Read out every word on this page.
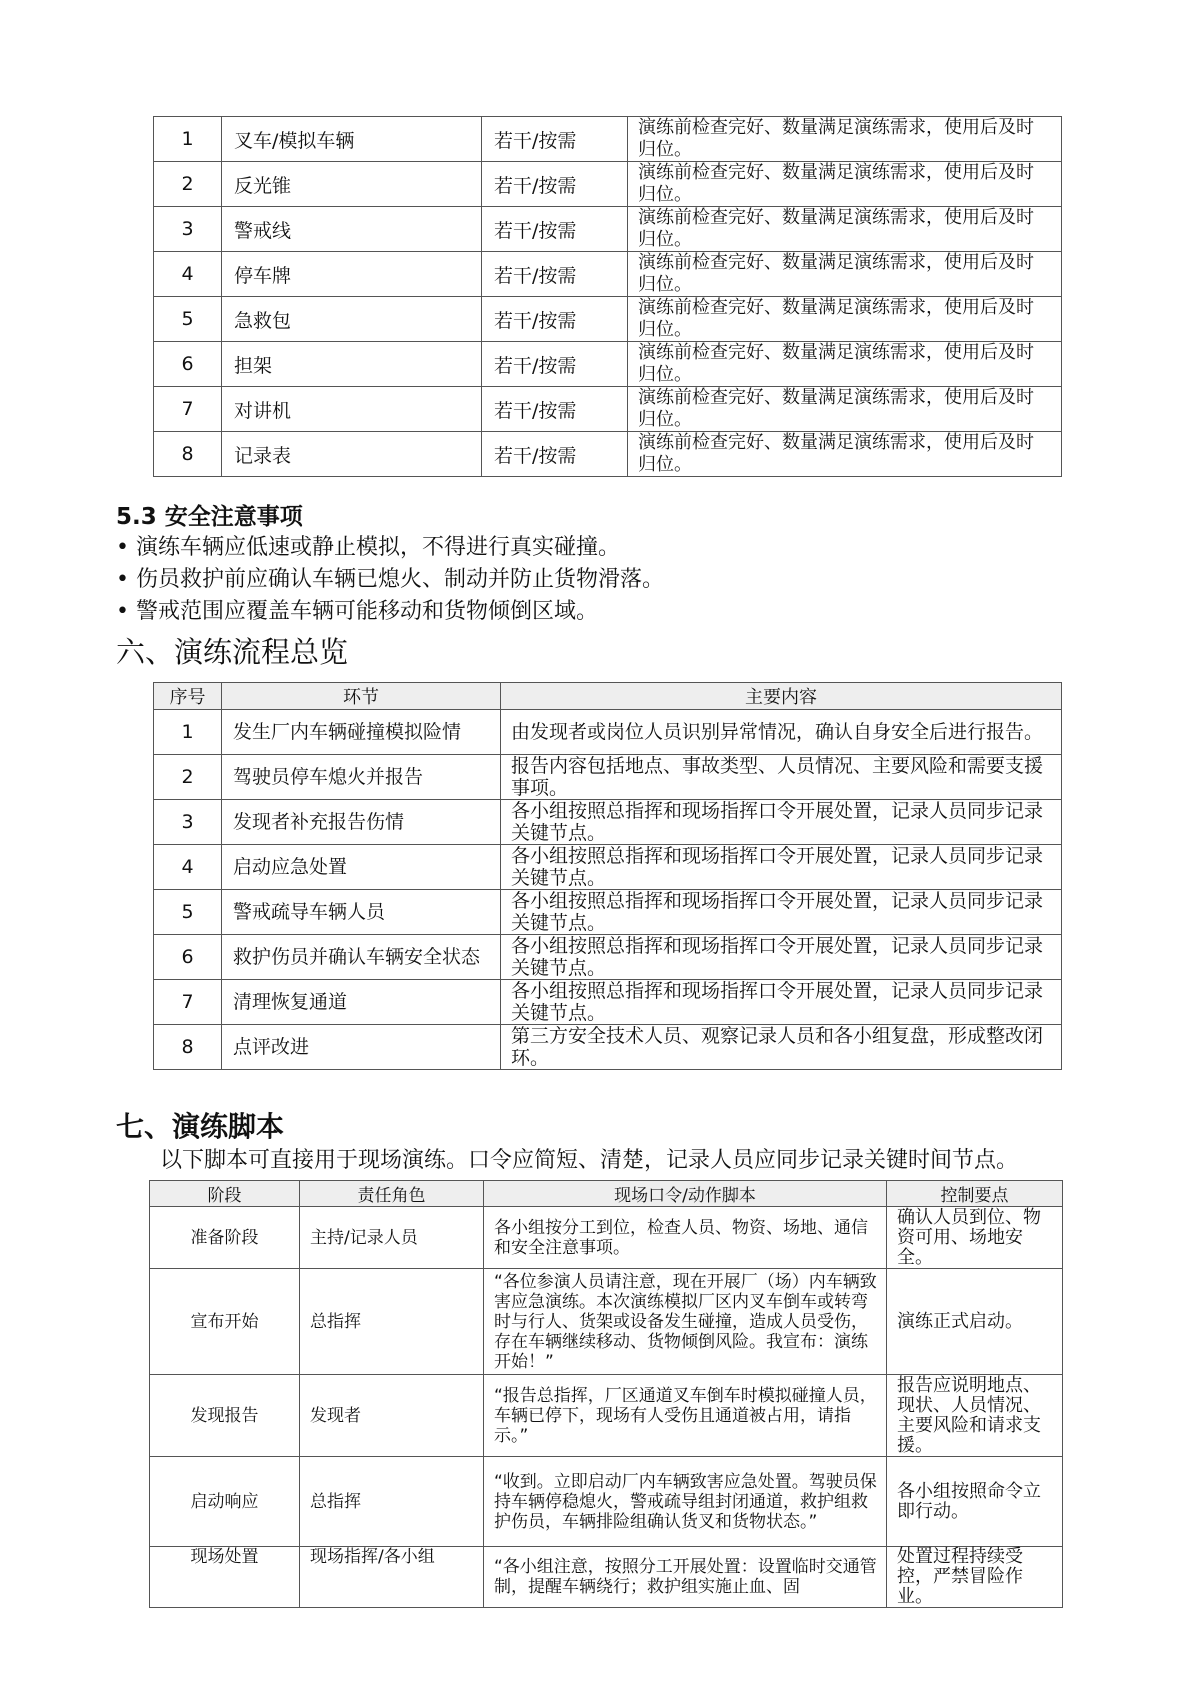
1	叉车/模拟车辆	若干/按需	演练前检查完好、数量满足演练需求，使用后及时归位。
2	反光锥	若干/按需	演练前检查完好、数量满足演练需求，使用后及时归位。
3	警戒线	若干/按需	演练前检查完好、数量满足演练需求，使用后及时归位。
4	停车牌	若干/按需	演练前检查完好、数量满足演练需求，使用后及时归位。
5	急救包	若干/按需	演练前检查完好、数量满足演练需求，使用后及时归位。
6	担架	若干/按需	演练前检查完好、数量满足演练需求，使用后及时归位。
7	对讲机	若干/按需	演练前检查完好、数量满足演练需求，使用后及时归位。
8	记录表	若干/按需	演练前检查完好、数量满足演练需求，使用后及时归位。
5.3 安全注意事项
• 演练车辆应低速或静止模拟，不得进行真实碰撞。
• 伤员救护前应确认车辆已熄火、制动并防止货物滑落。
• 警戒范围应覆盖车辆可能移动和货物倾倒区域。
六、演练流程总览
序号	环节	主要内容
1	发生厂内车辆碰撞模拟险情	由发现者或岗位人员识别异常情况，确认自身安全后进行报告。
2	驾驶员停车熄火并报告	报告内容包括地点、事故类型、人员情况、主要风险和需要支援事项。
3	发现者补充报告伤情	各小组按照总指挥和现场指挥口令开展处置，记录人员同步记录关键节点。
4	启动应急处置	各小组按照总指挥和现场指挥口令开展处置，记录人员同步记录关键节点。
5	警戒疏导车辆人员	各小组按照总指挥和现场指挥口令开展处置，记录人员同步记录关键节点。
6	救护伤员并确认车辆安全状态	各小组按照总指挥和现场指挥口令开展处置，记录人员同步记录关键节点。
7	清理恢复通道	各小组按照总指挥和现场指挥口令开展处置，记录人员同步记录关键节点。
8	点评改进	第三方安全技术人员、观察记录人员和各小组复盘，形成整改闭环。
七、演练脚本
以下脚本可直接用于现场演练。口令应简短、清楚，记录人员应同步记录关键时间节点。
阶段	责任角色	现场口令/动作脚本	控制要点
准备阶段	主持/记录人员	各小组按分工到位，检查人员、物资、场地、通信和安全注意事项。	确认人员到位、物资可用、场地安全。
宣布开始	总指挥	“各位参演人员请注意，现在开展厂（场）内车辆致害应急演练。本次演练模拟厂区内叉车倒车或转弯时与行人、货架或设备发生碰撞，造成人员受伤，存在车辆继续移动、货物倾倒风险。我宣布：演练开始！”	演练正式启动。
发现报告	发现者	“报告总指挥，厂区通道叉车倒车时模拟碰撞人员，车辆已停下，现场有人受伤且通道被占用，请指示。”	报告应说明地点、现状、人员情况、主要风险和请求支援。
启动响应	总指挥	“收到。立即启动厂内车辆致害应急处置。驾驶员保持车辆停稳熄火，警戒疏导组封闭通道，救护组救护伤员，车辆排险组确认货叉和货物状态。”	各小组按照命令立即行动。
现场处置	现场指挥/各小组	“各小组注意，按照分工开展处置：设置临时交通管制，提醒车辆绕行；救护组实施止血、固	处置过程持续受控，严禁冒险作业。
